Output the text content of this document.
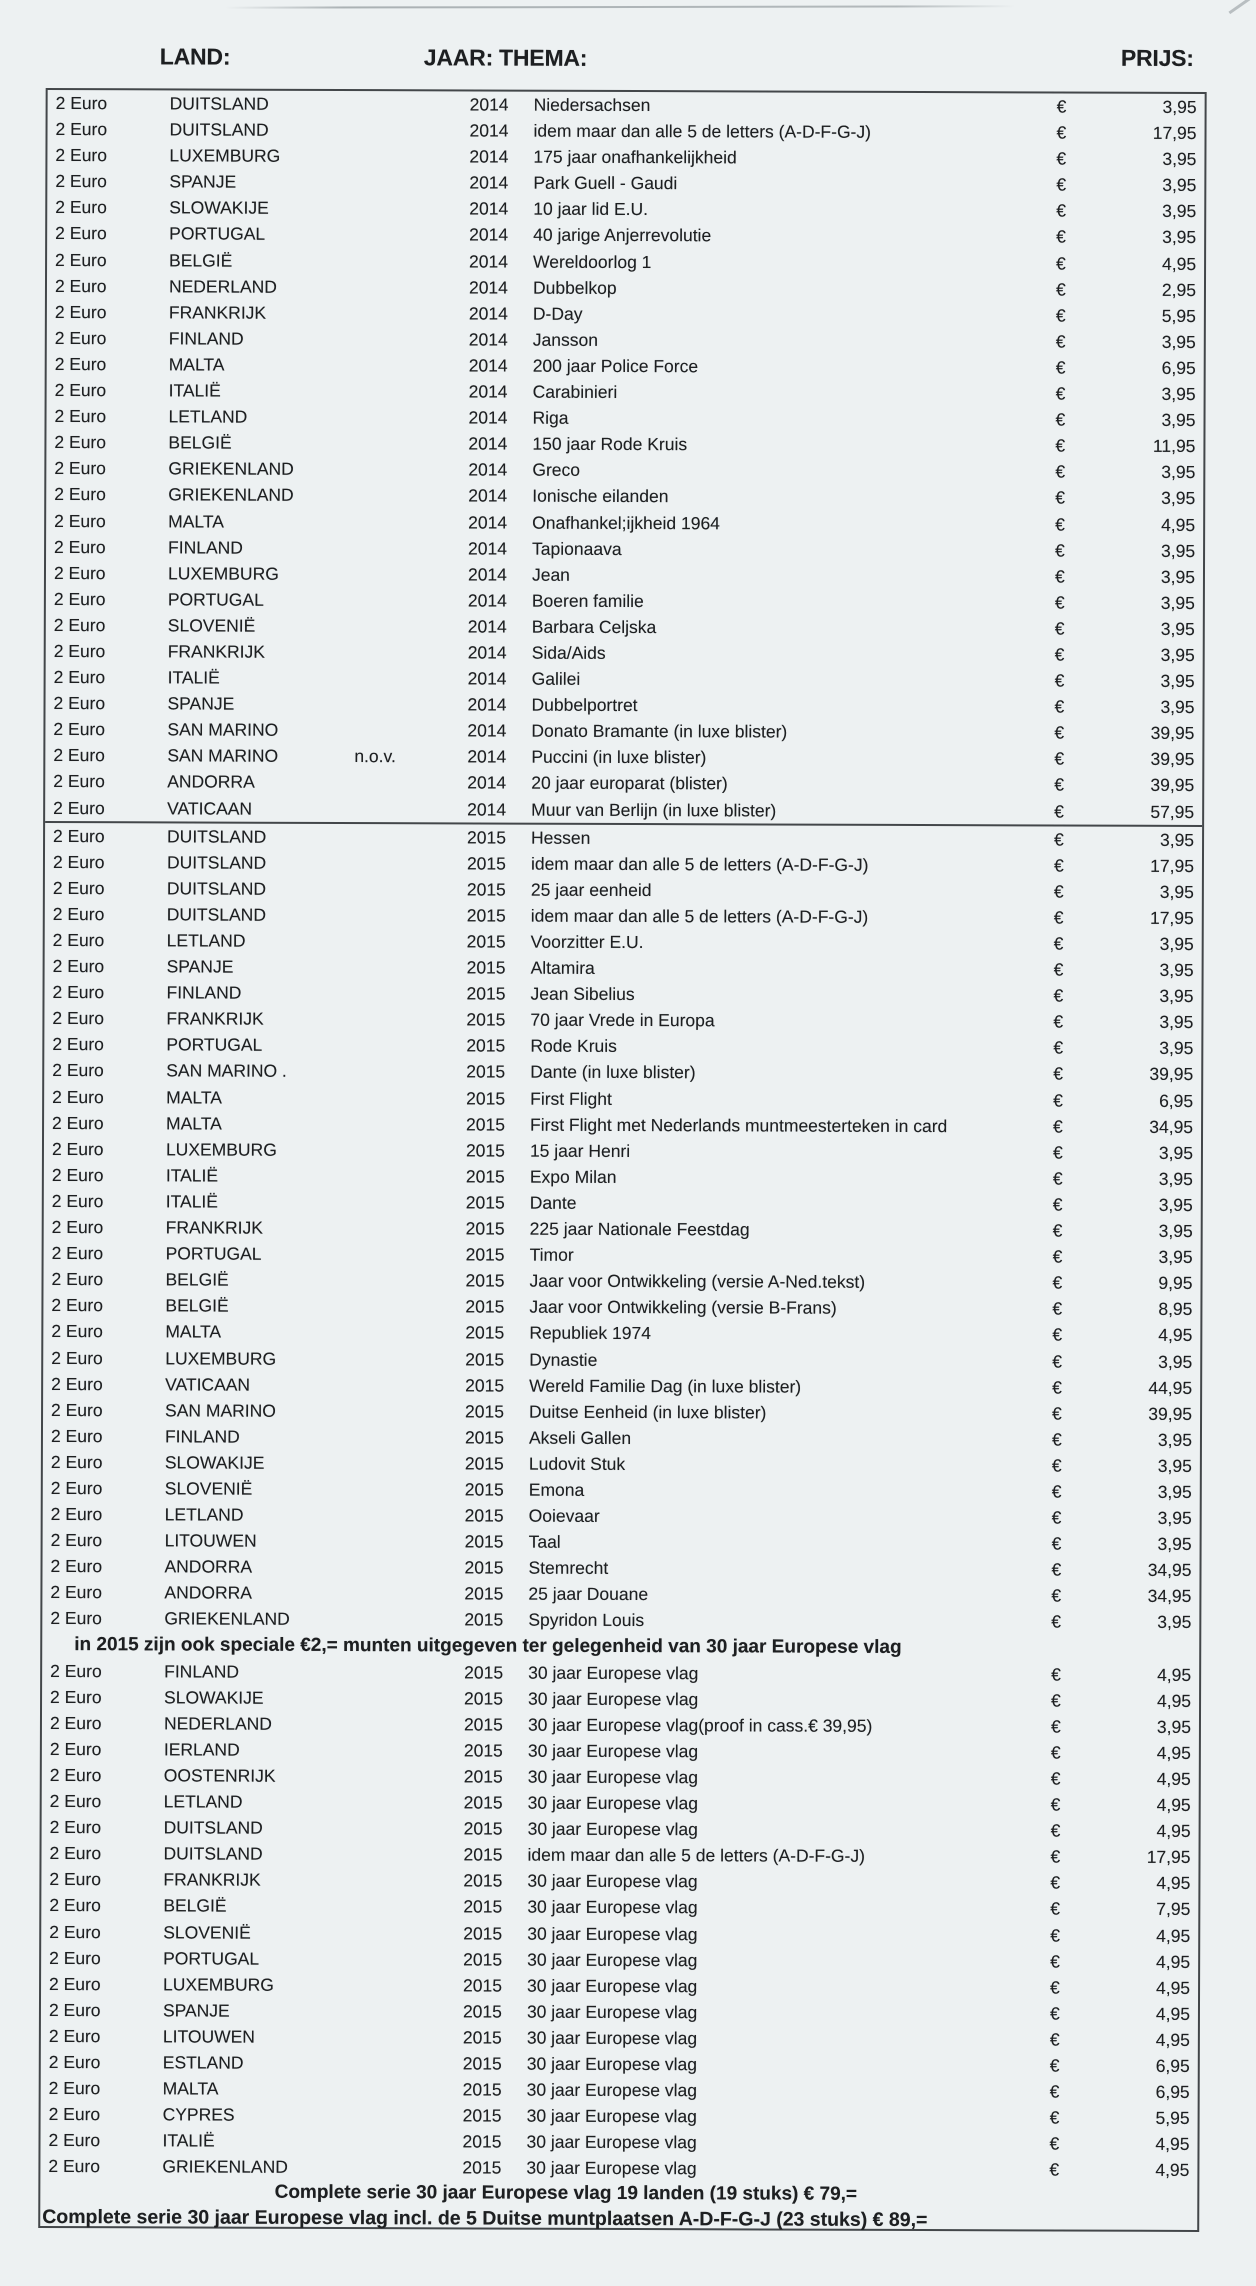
LAND:	JAAR: THEMA:	PRIJS:
2 Euro	DUITSLAND	2014	Niedersachsen	€	3,95
2 Euro	DUITSLAND	2014	idem maar dan alle 5 de letters (A-D-F-G-J)	€	17,95
2 Euro	LUXEMBURG	2014	175 jaar onafhankelijkheid	€	3,95
2 Euro	SPANJE	2014	Park Guell - Gaudi	€	3,95
2 Euro	SLOWAKIJE	2014	10 jaar lid E.U.	€	3,95
2 Euro	PORTUGAL	2014	40 jarige Anjerrevolutie	€	3,95
2 Euro	BELGIË	2014	Wereldoorlog 1	€	4,95
2 Euro	NEDERLAND	2014	Dubbelkop	€	2,95
2 Euro	FRANKRIJK	2014	D-Day	€	5,95
2 Euro	FINLAND	2014	Jansson	€	3,95
2 Euro	MALTA	2014	200 jaar Police Force	€	6,95
2 Euro	ITALIË	2014	Carabinieri	€	3,95
2 Euro	LETLAND	2014	Riga	€	3,95
2 Euro	BELGIË	2014	150 jaar Rode Kruis	€	11,95
2 Euro	GRIEKENLAND	2014	Greco	€	3,95
2 Euro	GRIEKENLAND	2014	Ionische eilanden	€	3,95
2 Euro	MALTA	2014	Onafhankel;ijkheid 1964	€	4,95
2 Euro	FINLAND	2014	Tapionaava	€	3,95
2 Euro	LUXEMBURG	2014	Jean	€	3,95
2 Euro	PORTUGAL	2014	Boeren familie	€	3,95
2 Euro	SLOVENIË	2014	Barbara Celjska	€	3,95
2 Euro	FRANKRIJK	2014	Sida/Aids	€	3,95
2 Euro	ITALIË	2014	Galilei	€	3,95
2 Euro	SPANJE	2014	Dubbelportret	€	3,95
2 Euro	SAN MARINO	2014	Donato Bramante (in luxe blister)	€	39,95
2 Euro	SAN MARINO	n.o.v.	2014	Puccini (in luxe blister)	€	39,95
2 Euro	ANDORRA	2014	20 jaar europarat (blister)	€	39,95
2 Euro	VATICAAN	2014	Muur van Berlijn (in luxe blister)	€	57,95
2 Euro	DUITSLAND	2015	Hessen	€	3,95
2 Euro	DUITSLAND	2015	idem maar dan alle 5 de letters (A-D-F-G-J)	€	17,95
2 Euro	DUITSLAND	2015	25 jaar eenheid	€	3,95
2 Euro	DUITSLAND	2015	idem maar dan alle 5 de letters (A-D-F-G-J)	€	17,95
2 Euro	LETLAND	2015	Voorzitter E.U.	€	3,95
2 Euro	SPANJE	2015	Altamira	€	3,95
2 Euro	FINLAND	2015	Jean Sibelius	€	3,95
2 Euro	FRANKRIJK	2015	70 jaar Vrede in Europa	€	3,95
2 Euro	PORTUGAL	2015	Rode Kruis	€	3,95
2 Euro	SAN MARINO .	2015	Dante (in luxe blister)	€	39,95
2 Euro	MALTA	2015	First Flight	€	6,95
2 Euro	MALTA	2015	First Flight met Nederlands muntmeesterteken in card	€	34,95
2 Euro	LUXEMBURG	2015	15 jaar Henri	€	3,95
2 Euro	ITALIË	2015	Expo Milan	€	3,95
2 Euro	ITALIË	2015	Dante	€	3,95
2 Euro	FRANKRIJK	2015	225 jaar Nationale Feestdag	€	3,95
2 Euro	PORTUGAL	2015	Timor	€	3,95
2 Euro	BELGIË	2015	Jaar voor Ontwikkeling (versie A-Ned.tekst)	€	9,95
2 Euro	BELGIË	2015	Jaar voor Ontwikkeling (versie B-Frans)	€	8,95
2 Euro	MALTA	2015	Republiek 1974	€	4,95
2 Euro	LUXEMBURG	2015	Dynastie	€	3,95
2 Euro	VATICAAN	2015	Wereld Familie Dag (in luxe blister)	€	44,95
2 Euro	SAN MARINO	2015	Duitse Eenheid (in luxe blister)	€	39,95
2 Euro	FINLAND	2015	Akseli Gallen	€	3,95
2 Euro	SLOWAKIJE	2015	Ludovit Stuk	€	3,95
2 Euro	SLOVENIË	2015	Emona	€	3,95
2 Euro	LETLAND	2015	Ooievaar	€	3,95
2 Euro	LITOUWEN	2015	Taal	€	3,95
2 Euro	ANDORRA	2015	Stemrecht	€	34,95
2 Euro	ANDORRA	2015	25 jaar Douane	€	34,95
2 Euro	GRIEKENLAND	2015	Spyridon Louis	€	3,95
in 2015 zijn ook speciale €2,= munten uitgegeven ter gelegenheid van 30 jaar Europese vlag
2 Euro	FINLAND	2015	30 jaar Europese vlag	€	4,95
2 Euro	SLOWAKIJE	2015	30 jaar Europese vlag	€	4,95
2 Euro	NEDERLAND	2015	30 jaar Europese vlag(proof in cass.€ 39,95)	€	3,95
2 Euro	IERLAND	2015	30 jaar Europese vlag	€	4,95
2 Euro	OOSTENRIJK	2015	30 jaar Europese vlag	€	4,95
2 Euro	LETLAND	2015	30 jaar Europese vlag	€	4,95
2 Euro	DUITSLAND	2015	30 jaar Europese vlag	€	4,95
2 Euro	DUITSLAND	2015	idem maar dan alle 5 de letters (A-D-F-G-J)	€	17,95
2 Euro	FRANKRIJK	2015	30 jaar Europese vlag	€	4,95
2 Euro	BELGIË	2015	30 jaar Europese vlag	€	7,95
2 Euro	SLOVENIË	2015	30 jaar Europese vlag	€	4,95
2 Euro	PORTUGAL	2015	30 jaar Europese vlag	€	4,95
2 Euro	LUXEMBURG	2015	30 jaar Europese vlag	€	4,95
2 Euro	SPANJE	2015	30 jaar Europese vlag	€	4,95
2 Euro	LITOUWEN	2015	30 jaar Europese vlag	€	4,95
2 Euro	ESTLAND	2015	30 jaar Europese vlag	€	6,95
2 Euro	MALTA	2015	30 jaar Europese vlag	€	6,95
2 Euro	CYPRES	2015	30 jaar Europese vlag	€	5,95
2 Euro	ITALIË	2015	30 jaar Europese vlag	€	4,95
2 Euro	GRIEKENLAND	2015	30 jaar Europese vlag	€	4,95
Complete serie 30 jaar Europese vlag 19 landen (19 stuks) € 79,=
Complete serie 30 jaar Europese vlag incl. de 5 Duitse muntplaatsen A-D-F-G-J (23 stuks) € 89,=
